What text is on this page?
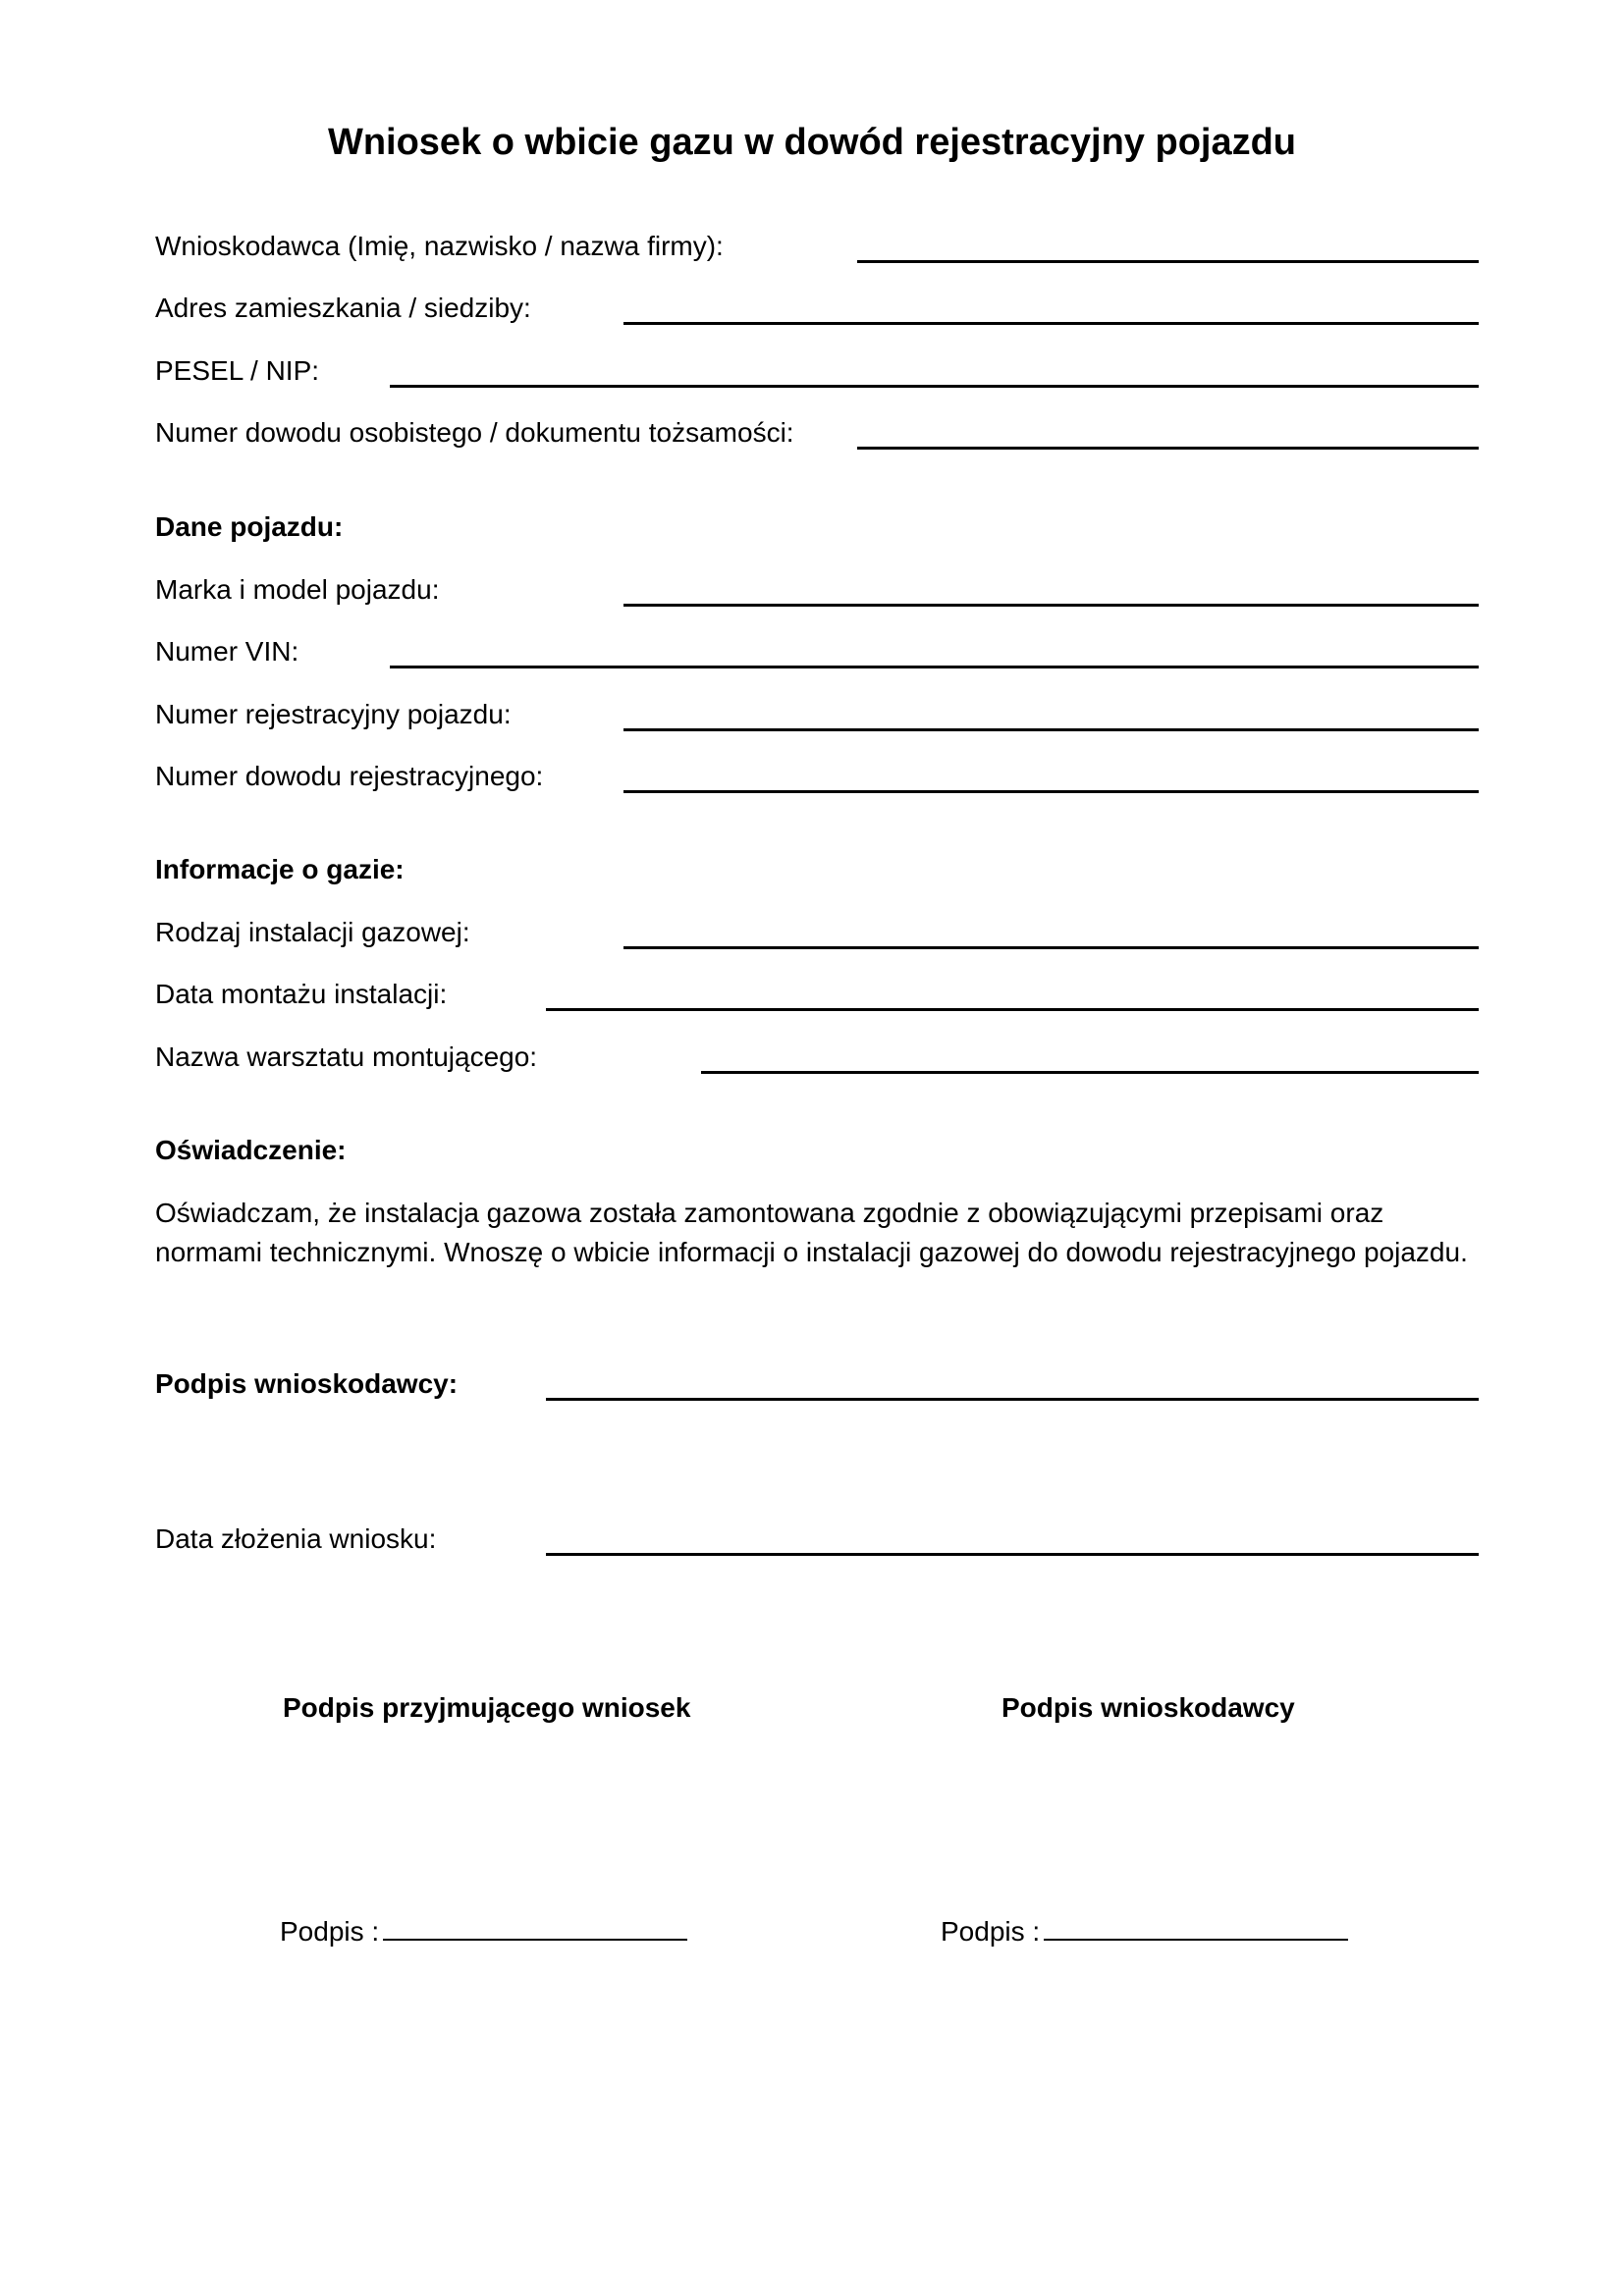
Wniosek o wbicie gazu w dowód rejestracyjny pojazdu
Wnioskodawca (Imię, nazwisko / nazwa firmy):
Adres zamieszkania / siedziby:
PESEL / NIP:
Numer dowodu osobistego / dokumentu tożsamości:
Dane pojazdu:
Marka i model pojazdu:
Numer VIN:
Numer rejestracyjny pojazdu:
Numer dowodu rejestracyjnego:
Informacje o gazie:
Rodzaj instalacji gazowej:
Data montażu instalacji:
Nazwa warsztatu montującego:
Oświadczenie:
Oświadczam, że instalacja gazowa została zamontowana zgodnie z obowiązującymi przepisami oraz
normami technicznymi. Wnoszę o wbicie informacji o instalacji gazowej do dowodu rejestracyjnego pojazdu.
Podpis wnioskodawcy:
Data złożenia wniosku:
Podpis przyjmującego wniosek	Podpis wnioskodawcy
Podpis :	Podpis :
